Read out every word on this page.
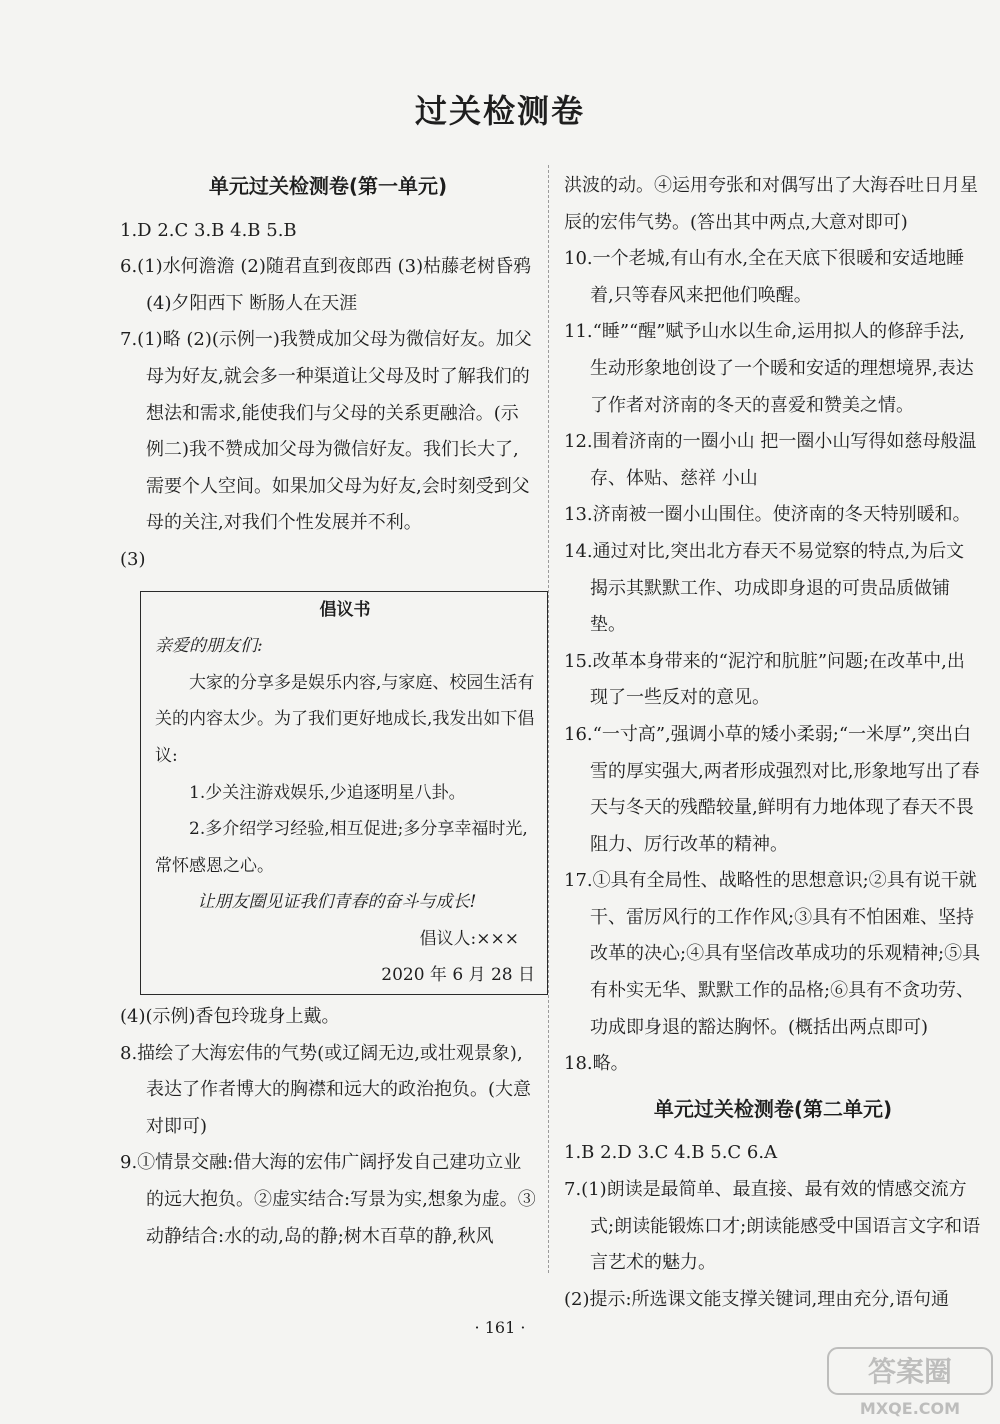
过关检测卷
单元过关检测卷(第一单元)

1.D 2.C 3.B 4.B 5.B

6.(1)水何澹澹 (2)随君直到夜郎西 (3)枯藤老树昏鸦 (4)夕阳西下 断肠人在天涯

7.(1)略 (2)(示例一)我赞成加父母为微信好友。加父母为好友,就会多一种渠道让父母及时了解我们的想法和需求,能使我们与父母的关系更融洽。(示例二)我不赞成加父母为微信好友。我们长大了,需要个人空间。如果加父母为好友,会时刻受到父母的关注,对我们个性发展并不利。

(3)

倡议书
亲爱的朋友们:
大家的分享多是娱乐内容,与家庭、校园生活有关的内容太少。为了我们更好地成长,我发出如下倡议:
1.少关注游戏娱乐,少追逐明星八卦。
2.多介绍学习经验,相互促进;多分享幸福时光,常怀感恩之心。
让朋友圈见证我们青春的奋斗与成长!
倡议人:×××
2020 年 6 月 28 日

(4)(示例)香包玲珑身上戴。

8.描绘了大海宏伟的气势(或辽阔无边,或壮观景象),表达了作者博大的胸襟和远大的政治抱负。(大意对即可)

9.①情景交融:借大海的宏伟广阔抒发自己建功立业的远大抱负。②虚实结合:写景为实,想象为虚。③动静结合:水的动,岛的静;树木百草的静,秋风

洪波的动。④运用夸张和对偶写出了大海吞吐日月星辰的宏伟气势。(答出其中两点,大意对即可)

10.一个老城,有山有水,全在天底下很暖和安适地睡着,只等春风来把他们唤醒。

11.“睡”“醒”赋予山水以生命,运用拟人的修辞手法,生动形象地创设了一个暖和安适的理想境界,表达了作者对济南的冬天的喜爱和赞美之情。

12.围着济南的一圈小山 把一圈小山写得如慈母般温存、体贴、慈祥 小山

13.济南被一圈小山围住。使济南的冬天特别暖和。

14.通过对比,突出北方春天不易觉察的特点,为后文揭示其默默工作、功成即身退的可贵品质做铺垫。

15.改革本身带来的“泥泞和肮脏”问题;在改革中,出现了一些反对的意见。

16.“一寸高”,强调小草的矮小柔弱;“一米厚”,突出白雪的厚实强大,两者形成强烈对比,形象地写出了春天与冬天的残酷较量,鲜明有力地体现了春天不畏阻力、厉行改革的精神。

17.①具有全局性、战略性的思想意识;②具有说干就干、雷厉风行的工作作风;③具有不怕困难、坚持改革的决心;④具有坚信改革成功的乐观精神;⑤具有朴实无华、默默工作的品格;⑥具有不贪功劳、功成即身退的豁达胸怀。(概括出两点即可)

18.略。

单元过关检测卷(第二单元)

1.B 2.D 3.C 4.B 5.C 6.A

7.(1)朗读是最简单、最直接、最有效的情感交流方式;朗读能锻炼口才;朗读能感受中国语言文字和语言艺术的魅力。

(2)提示:所选课文能支撑关键词,理由充分,语句通

· 161 ·
答案圈
MXQE.COM
